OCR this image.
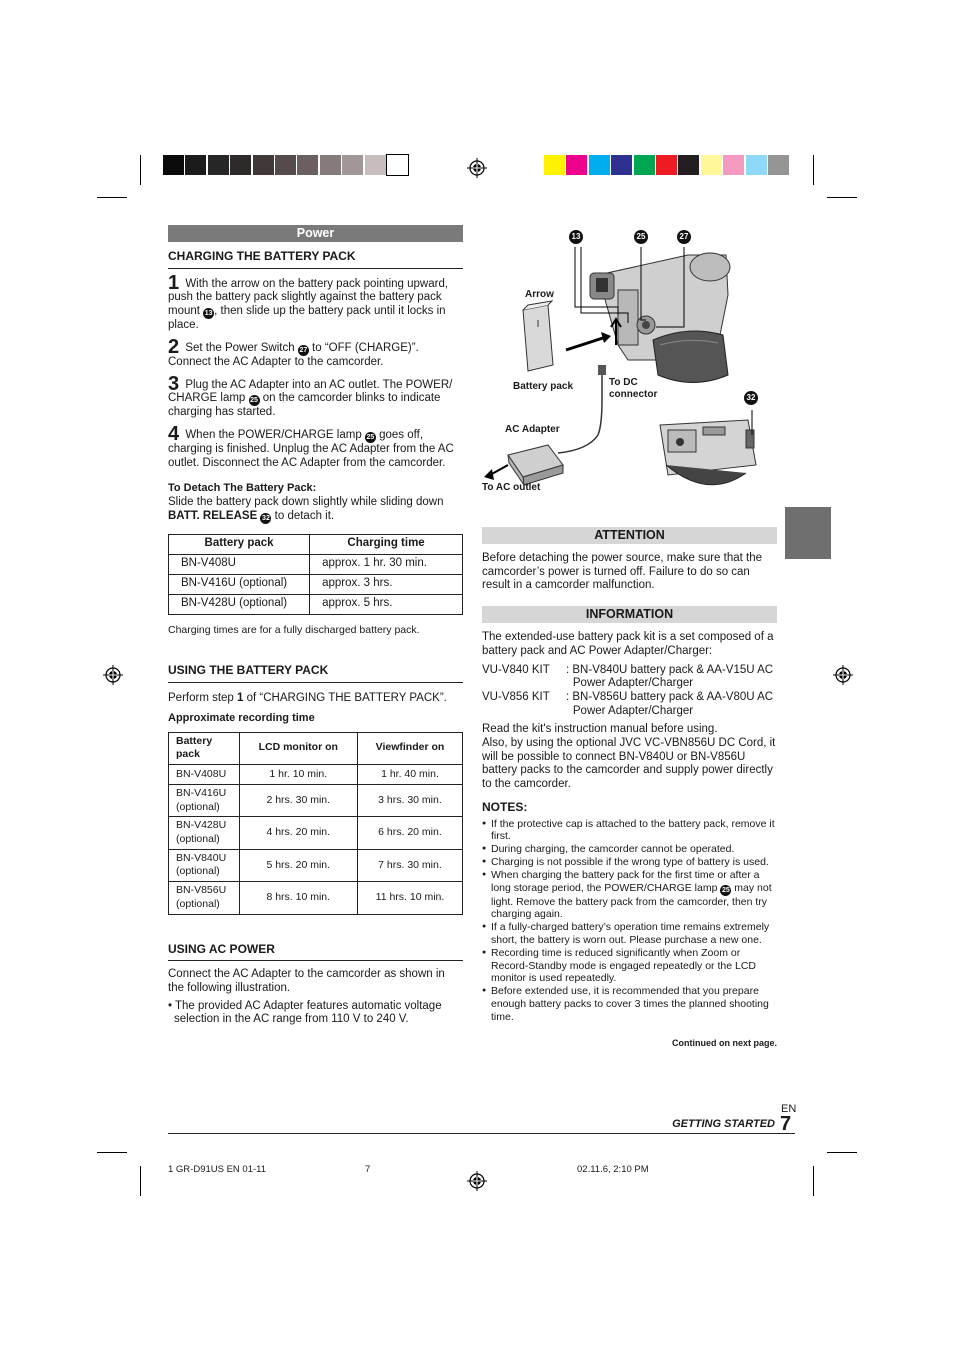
Power
CHARGING THE BATTERY PACK

1 With the arrow on the battery pack pointing upward, push the battery pack slightly against the battery pack mount 13 , then slide up the battery pack until it locks in place.

2 Set the Power Switch 27 to “OFF (CHARGE)”. Connect the AC Adapter to the camcorder.

3 Plug the AC Adapter into an AC outlet. The POWER/ CHARGE lamp 25 on the camcorder blinks to indicate charging has started.

4 When the POWER/CHARGE lamp 25 goes off, charging is finished. Unplug the AC Adapter from the AC outlet. Disconnect the AC Adapter from the camcorder.

To Detach The Battery Pack:
Slide the battery pack down slightly while sliding down BATT. RELEASE 32 to detach it.
Battery pack	Charging time
BN-V408U	approx. 1 hr. 30 min.
BN-V416U (optional)	approx. 3 hrs.
BN-V428U (optional)	approx. 5 hrs.
Charging times are for a fully discharged battery pack.
USING THE BATTERY PACK
Perform step 1 of “CHARGING THE BATTERY PACK”.
Approximate recording time
Battery pack	LCD monitor on	Viewfinder on
BN-V408U	1 hr. 10 min.	1 hr. 40 min.
BN-V416U
(optional)	2 hrs. 30 min.	3 hrs. 30 min.
BN-V428U
(optional)	4 hrs. 20 min.	6 hrs. 20 min.
BN-V840U
(optional)	5 hrs. 20 min.	7 hrs. 30 min.
BN-V856U
(optional)	8 hrs. 10 min.	11 hrs. 10 min.
USING AC POWER
Connect the AC Adapter to the camcorder as shown in the following illustration.
• The provided AC Adapter features automatic voltage selection in the AC range from 110 V to 240 V.
13	25	27
32
Arrow
Battery pack	To DC
connector
AC Adapter
To AC outlet
ATTENTION
Before detaching the power source, make sure that the camcorder’s power is turned off. Failure to do so can result in a camcorder malfunction.
INFORMATION
The extended-use battery pack kit is a set composed of a battery pack and AC Power Adapter/Charger:
VU-V840 KIT	: BN-V840U battery pack & AA-V15U AC
Power Adapter/Charger
VU-V856 KIT	: BN-V856U battery pack & AA-V80U AC
Power Adapter/Charger
Read the kit's instruction manual before using.
Also, by using the optional JVC VC-VBN856U DC Cord, it will be possible to connect BN-V840U or BN-V856U battery packs to the camcorder and supply power directly to the camcorder.
NOTES:
● If the protective cap is attached to the battery pack, remove it first.
● During charging, the camcorder cannot be operated.
● Charging is not possible if the wrong type of battery is used.
● When charging the battery pack for the first time or after a long storage period, the POWER/CHARGE lamp 25 may not light. Remove the battery pack from the camcorder, then try charging again.
● If a fully-charged battery’s operation time remains extremely short, the battery is worn out. Please purchase a new one.
● Recording time is reduced significantly when Zoom or Record-Standby mode is engaged repeatedly or the LCD monitor is used repeatedly.
● Before extended use, it is recommended that you prepare enough battery packs to cover 3 times the planned shooting time.
Continued on next page.
EN
GETTING STARTED 7
1 GR-D91US EN 01-11	7	02.11.6, 2:10 PM
